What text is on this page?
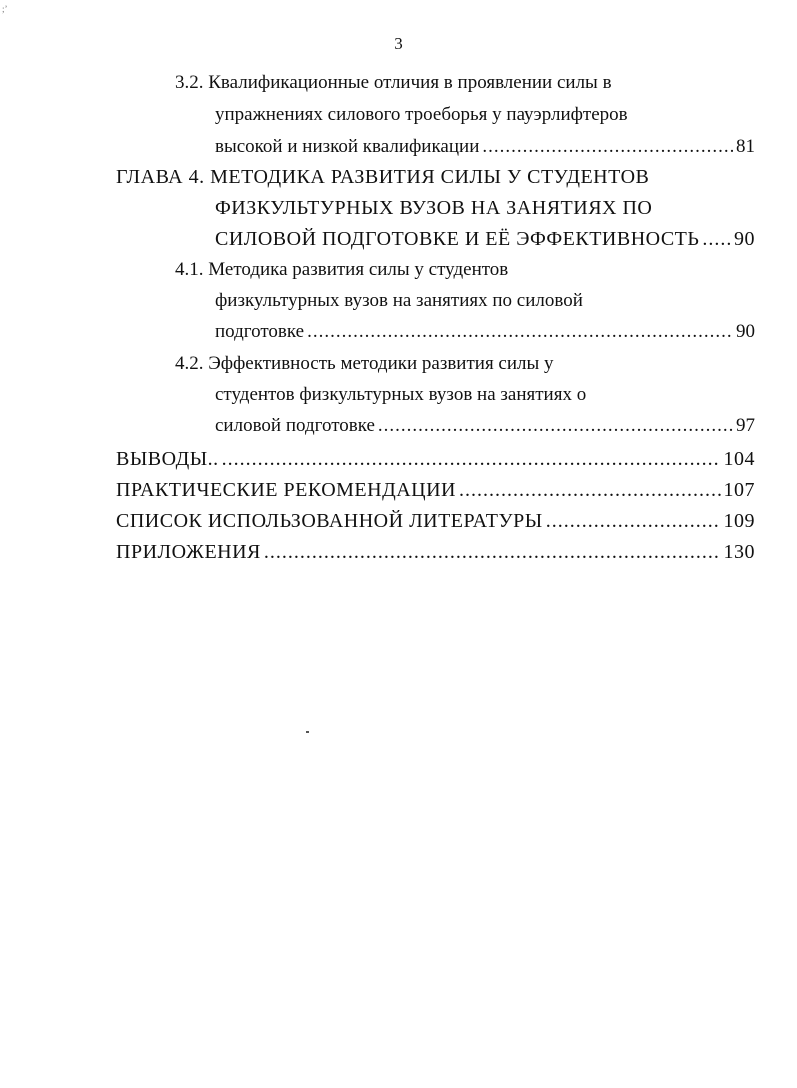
;’
3
3.2. Квалификационные отличия в проявлении силы в
упражнениях силового троеборья у пауэрлифтеров
высокой и низкой квалификации .....	81
ГЛАВА 4. МЕТОДИКА РАЗВИТИЯ СИЛЫ У СТУДЕНТОВ
ФИЗКУЛЬТУРНЫХ ВУЗОВ НА ЗАНЯТИЯХ ПО
СИЛОВОЙ ПОДГОТОВКЕ И ЕЁ ЭФФЕКТИВНОСТЬ ..... 90
4.1. Методика развития силы у студентов
физкультурных вузов на занятиях по силовой
подготовке .....	90
4.2. Эффективность методики развития силы у
студентов физкультурных вузов на занятиях о
силовой подготовке .....	97
ВЫВОДЫ.. .....	104
ПРАКТИЧЕСКИЕ РЕКОМЕНДАЦИИ .....	107
СПИСОК ИСПОЛЬЗОВАННОЙ ЛИТЕРАТУРЫ .....	109
ПРИЛОЖЕНИЯ .....	130
